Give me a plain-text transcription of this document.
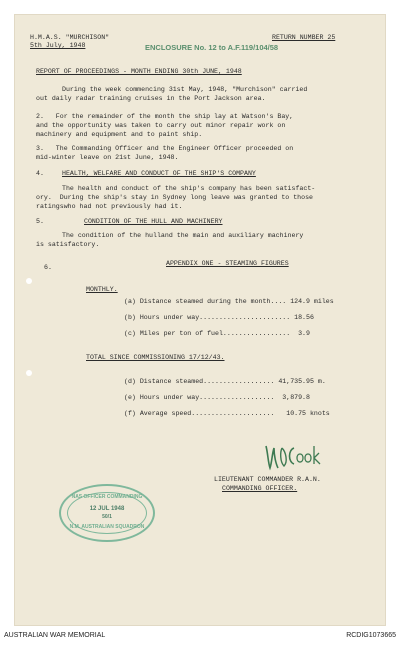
H.M.A.S. "MURCHISON"
5th July, 1948
RETURN NUMBER 25
ENCLOSURE No. 12 to A.F.119/104/58
REPORT OF PROCEEDINGS - MONTH ENDING 30th JUNE, 1948
During the week commencing 31st May, 1948, "Murchison" carried
out daily radar training cruises in the Port Jackson area.
2.   For the remainder of the month the ship lay at Watson's Bay,
and the opportunity was taken to carry out minor repair work on
machinery and equipment and to paint ship.
3.   The Commanding Officer and the Engineer Officer proceeded on
mid-winter leave on 21st June, 1948.
4.	HEALTH, WELFARE AND CONDUCT OF THE SHIP'S COMPANY
The health and conduct of the ship's company has been satisfact-
ory.  During the ship's stay in Sydney long leave was granted to those
ratingswho had not previously had it.
5.	CONDITION OF THE HULL AND MACHINERY
The condition of the hulland the main and auxiliary machinery
is satisfactory.
6.
APPENDIX ONE - STEAMING FIGURES
MONTHLY.
(a) Distance steamed during the month.... 124.9 miles
(b) Hours under way....................... 18.56
(c) Miles per ton of fuel.................  3.9
TOTAL SINCE COMMISSIONING 17/12/43.
(d) Distance steamed.................. 41,735.95 m.
(e) Hours under way...................  3,879.8
(f) Average speed.....................   10.75 knots
LIEUTENANT COMMANDER R.A.N.
COMMANDING OFFICER.
NAS OFFICER COMMANDING
12 JUL 1948
50/1
N.M. AUSTRALIAN SQUADRON
AUSTRALIAN WAR MEMORIAL	RCDIG1073665
